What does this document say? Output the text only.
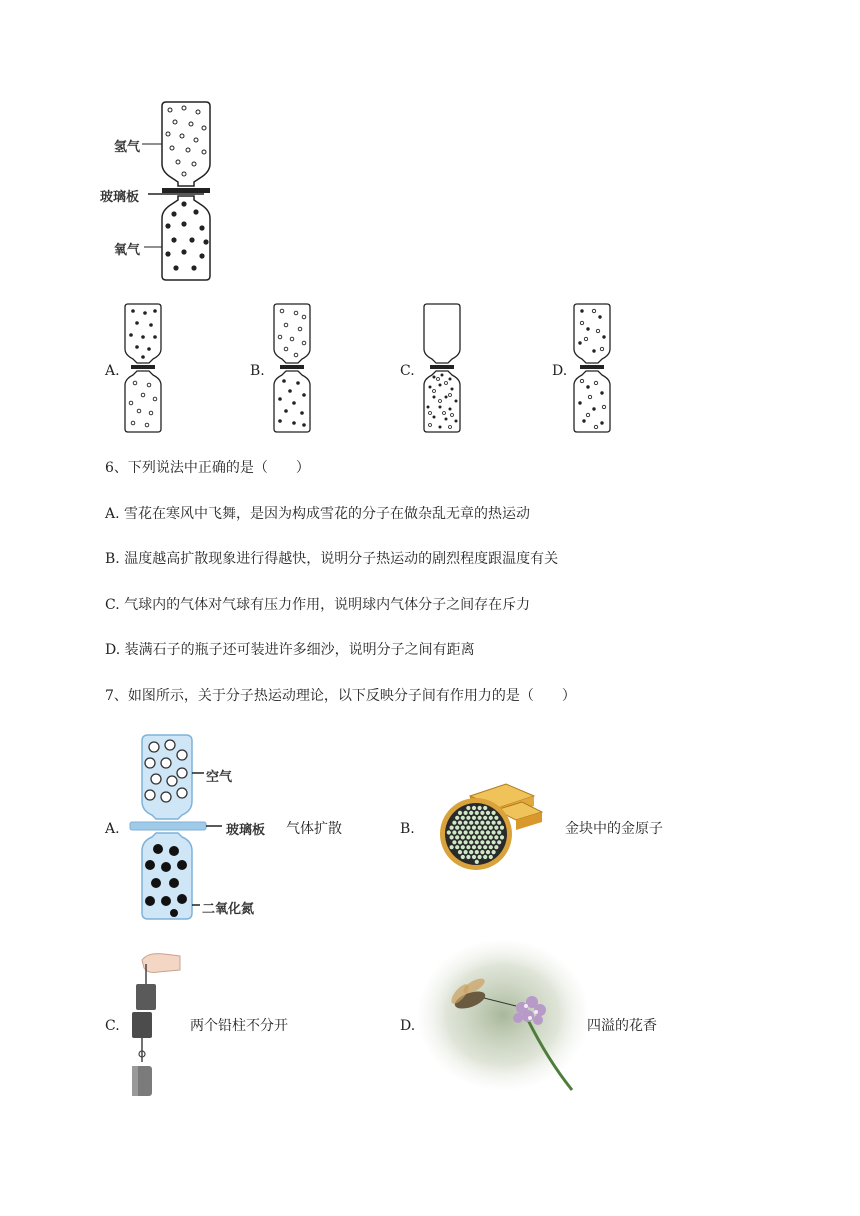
氢气
玻璃板
氧气
A.	B.	C.	D.
6、下列说法中正确的是（　　）
A. 雪花在寒风中飞舞，是因为构成雪花的分子在做杂乱无章的热运动
B. 温度越高扩散现象进行得越快，说明分子热运动的剧烈程度跟温度有关
C. 气球内的气体对气球有压力作用，说明球内气体分子之间存在斥力
D. 装满石子的瓶子还可装进许多细沙，说明分子之间有距离
7、如图所示，关于分子热运动理论，以下反映分子间有作用力的是（　　）
A.
空气
玻璃板
二氧化氮
气体扩散	B.	金块中的金原子
C.	两个铅柱不分开	D.	四溢的花香
